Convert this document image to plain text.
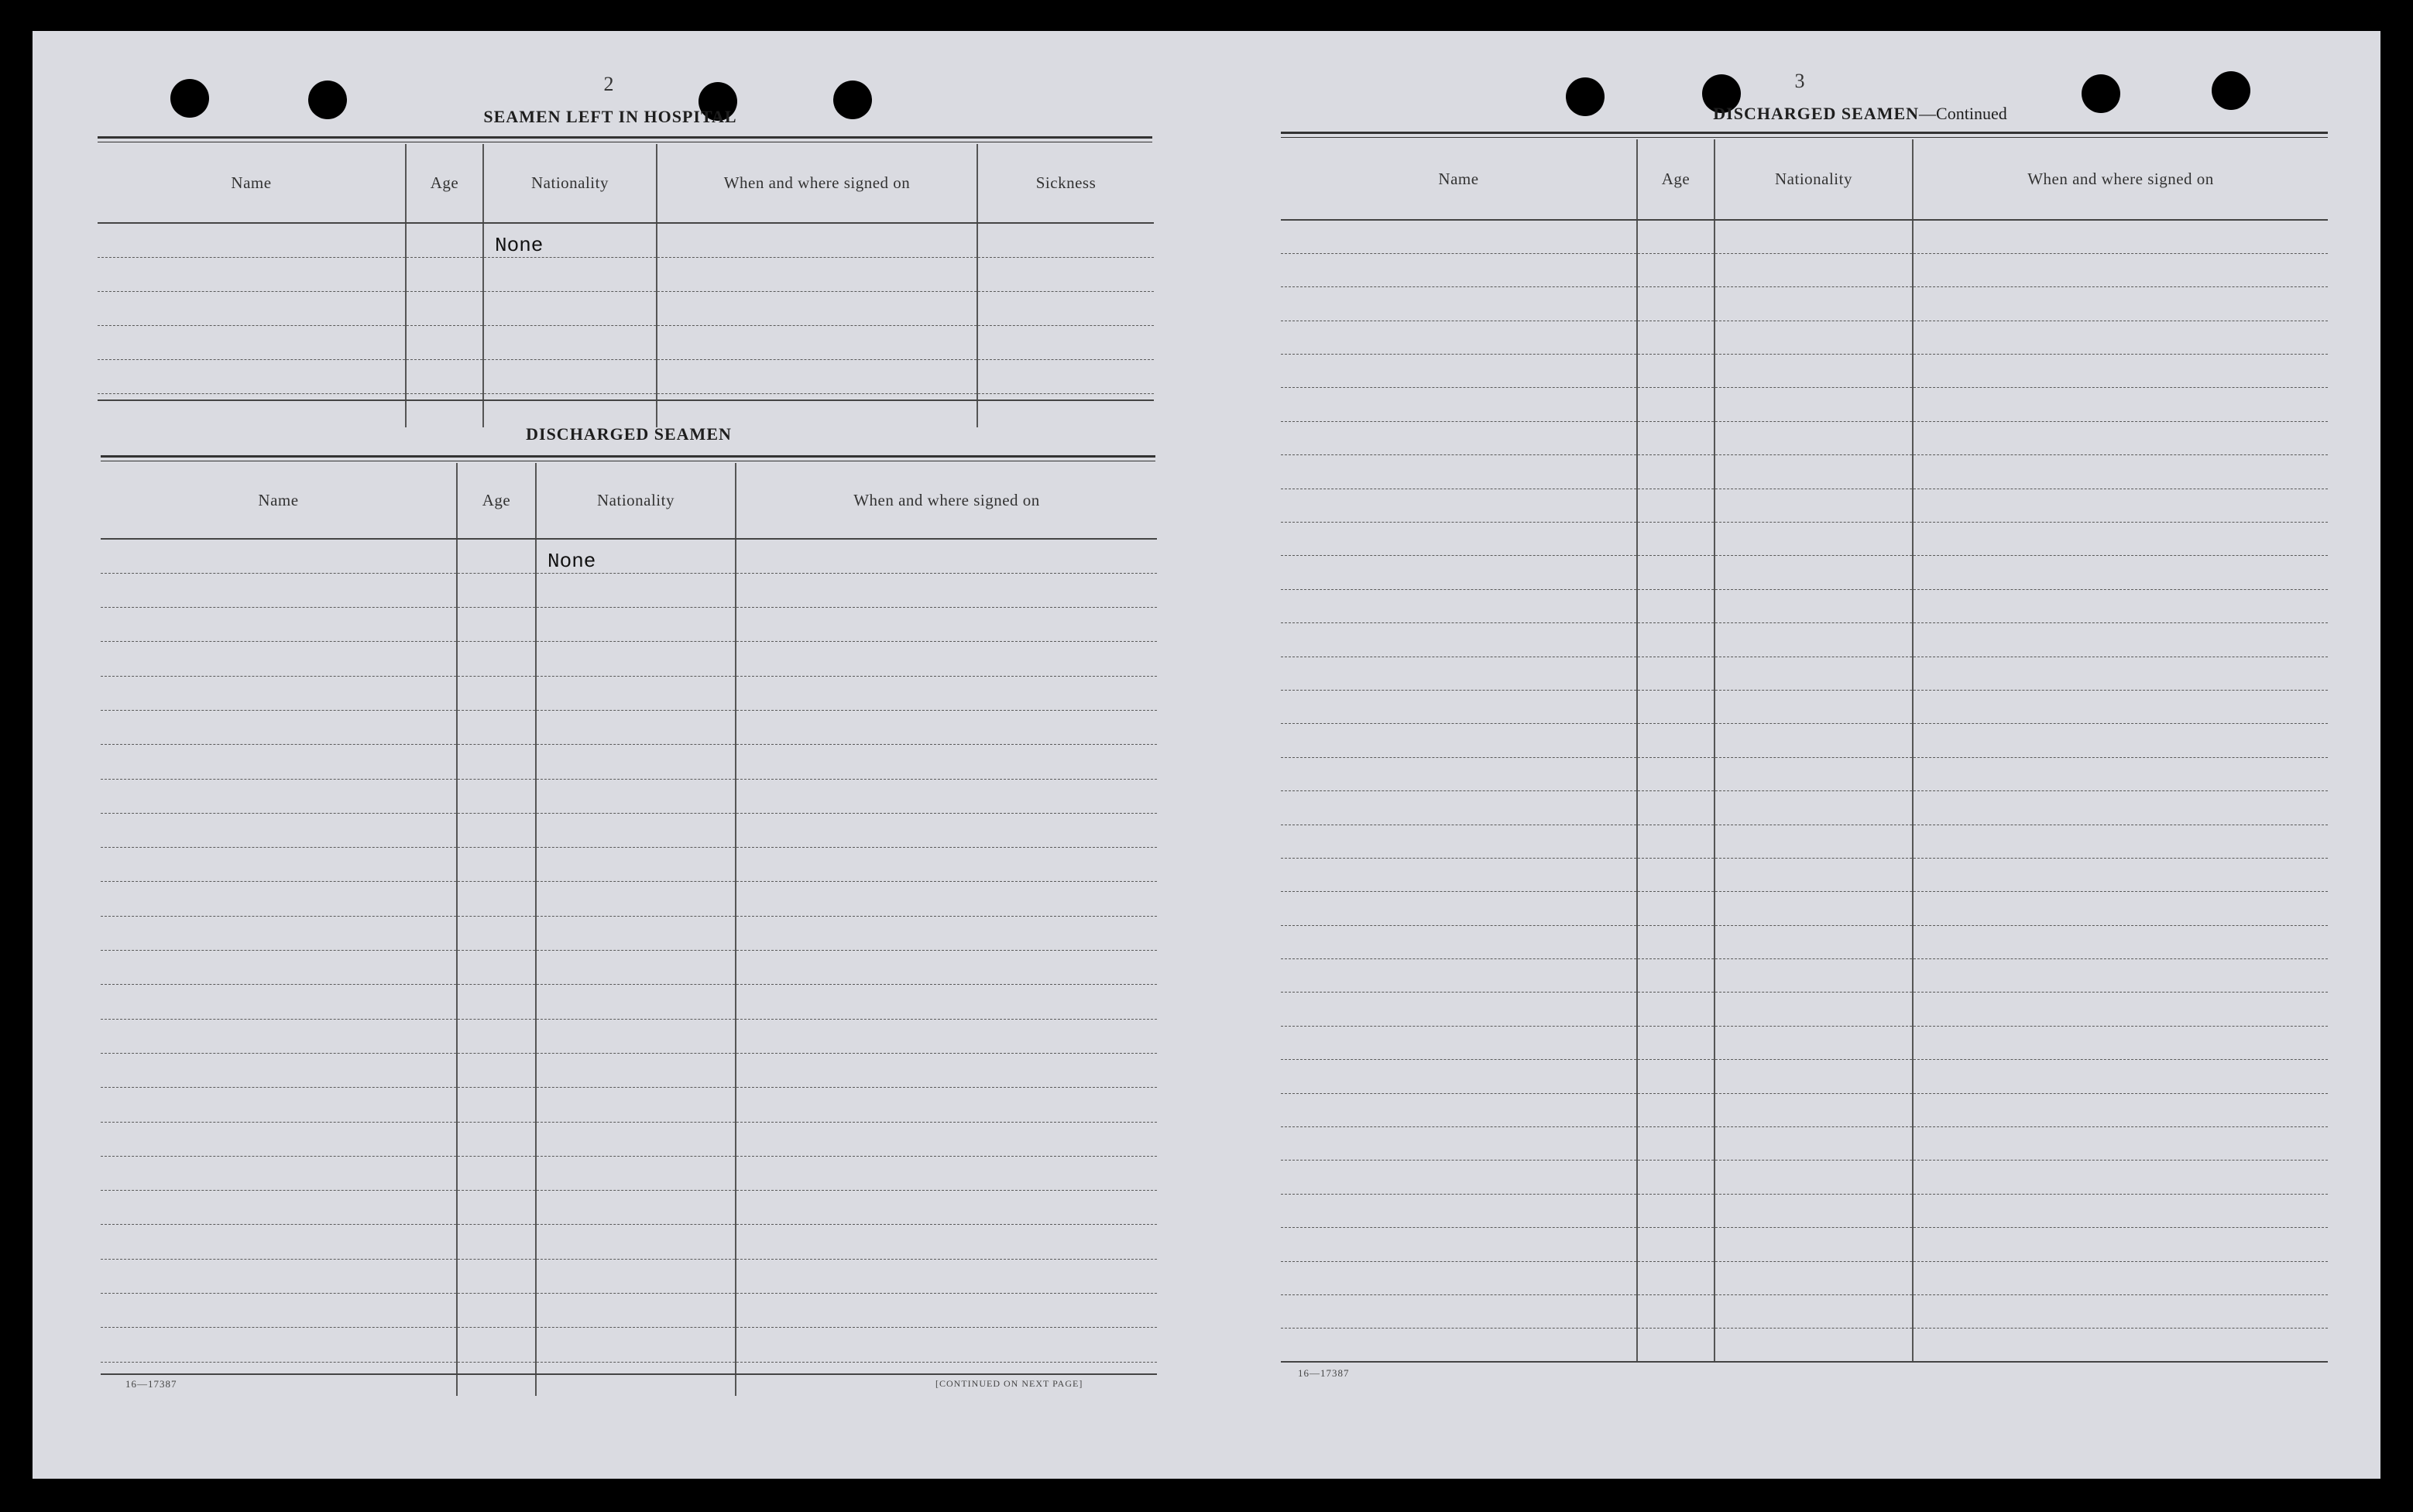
2
SEAMEN LEFT IN HOSPITAL
Name	Age	Nationality	When and where signed on	Sickness
		None		

DISCHARGED SEAMEN
Name	Age	Nationality	When and where signed on
		None	

16—17387	[CONTINUED ON NEXT PAGE]
3
DISCHARGED SEAMEN—Continued
Name	Age	Nationality	When and where signed on

16—17387
